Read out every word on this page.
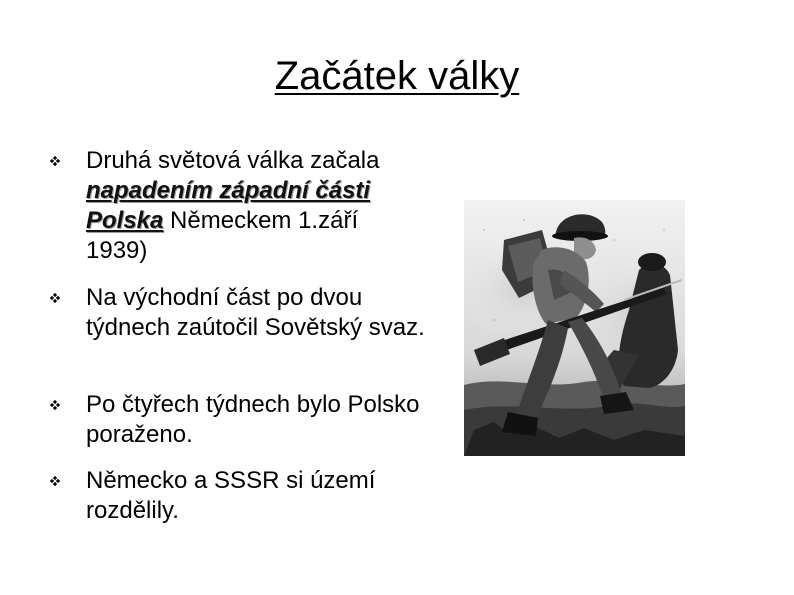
Začátek války
Druhá světová válka začala napadením západní části Polska Německem 1.září 1939)
Na východní část po dvou týdnech zaútočil Sovětský svaz.
Po čtyřech týdnech bylo Polsko poraženo.
Německo a SSSR si území rozdělily.
